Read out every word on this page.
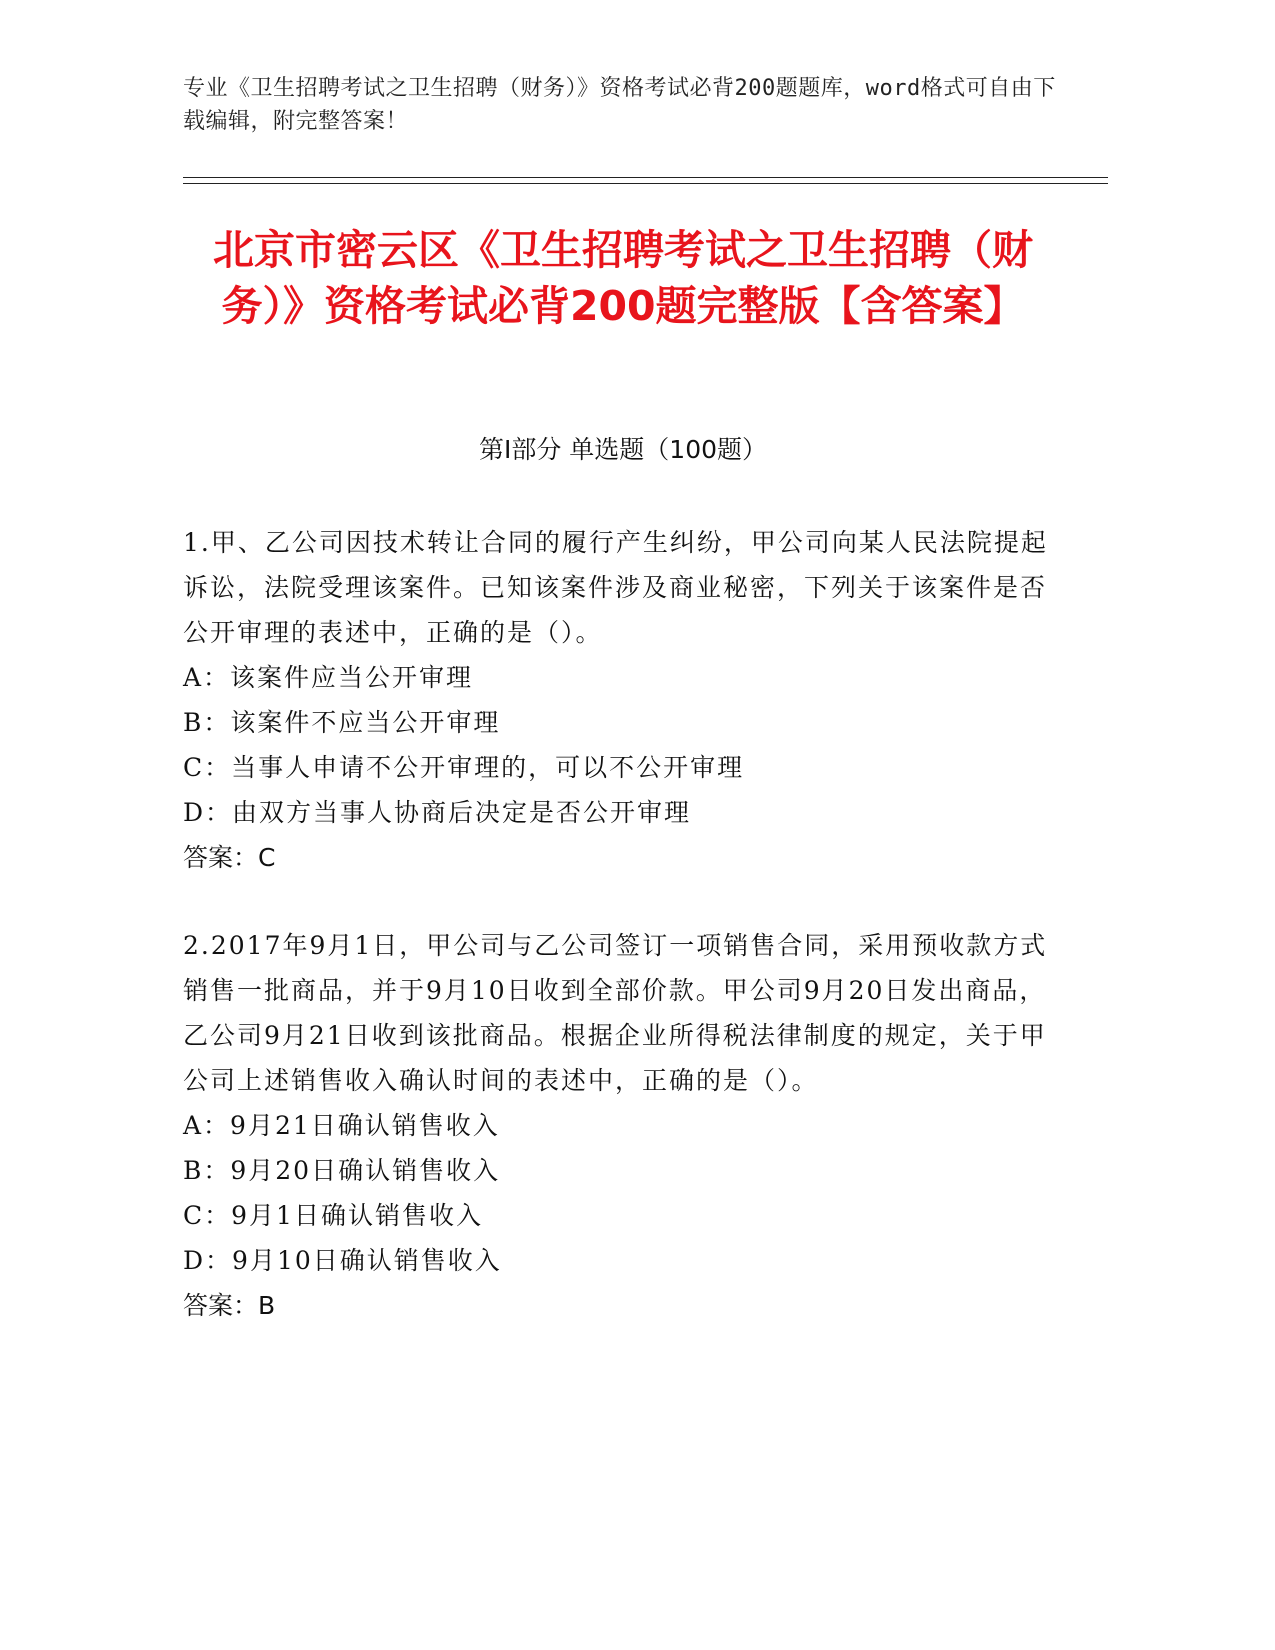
专业《卫生招聘考试之卫生招聘（财务）》资格考试必背200题题库，word格式可自由下载编辑，附完整答案！
北京市密云区《卫生招聘考试之卫生招聘（财务）》资格考试必背200题完整版【含答案】
第Ⅰ部分 单选题（100题）

1.甲、乙公司因技术转让合同的履行产生纠纷，甲公司向某人民法院提起诉讼，法院受理该案件。已知该案件涉及商业秘密，下列关于该案件是否公开审理的表述中，正确的是（）。

A：该案件应当公开审理
B：该案件不应当公开审理
C：当事人申请不公开审理的，可以不公开审理
D：由双方当事人协商后决定是否公开审理

答案：C

2.2017年9月1日，甲公司与乙公司签订一项销售合同，采用预收款方式销售一批商品，并于9月10日收到全部价款。甲公司9月20日发出商品，乙公司9月21日收到该批商品。根据企业所得税法律制度的规定，关于甲公司上述销售收入确认时间的表述中，正确的是（）。

A：9月21日确认销售收入
B：9月20日确认销售收入
C：9月1日确认销售收入
D：9月10日确认销售收入

答案：B
